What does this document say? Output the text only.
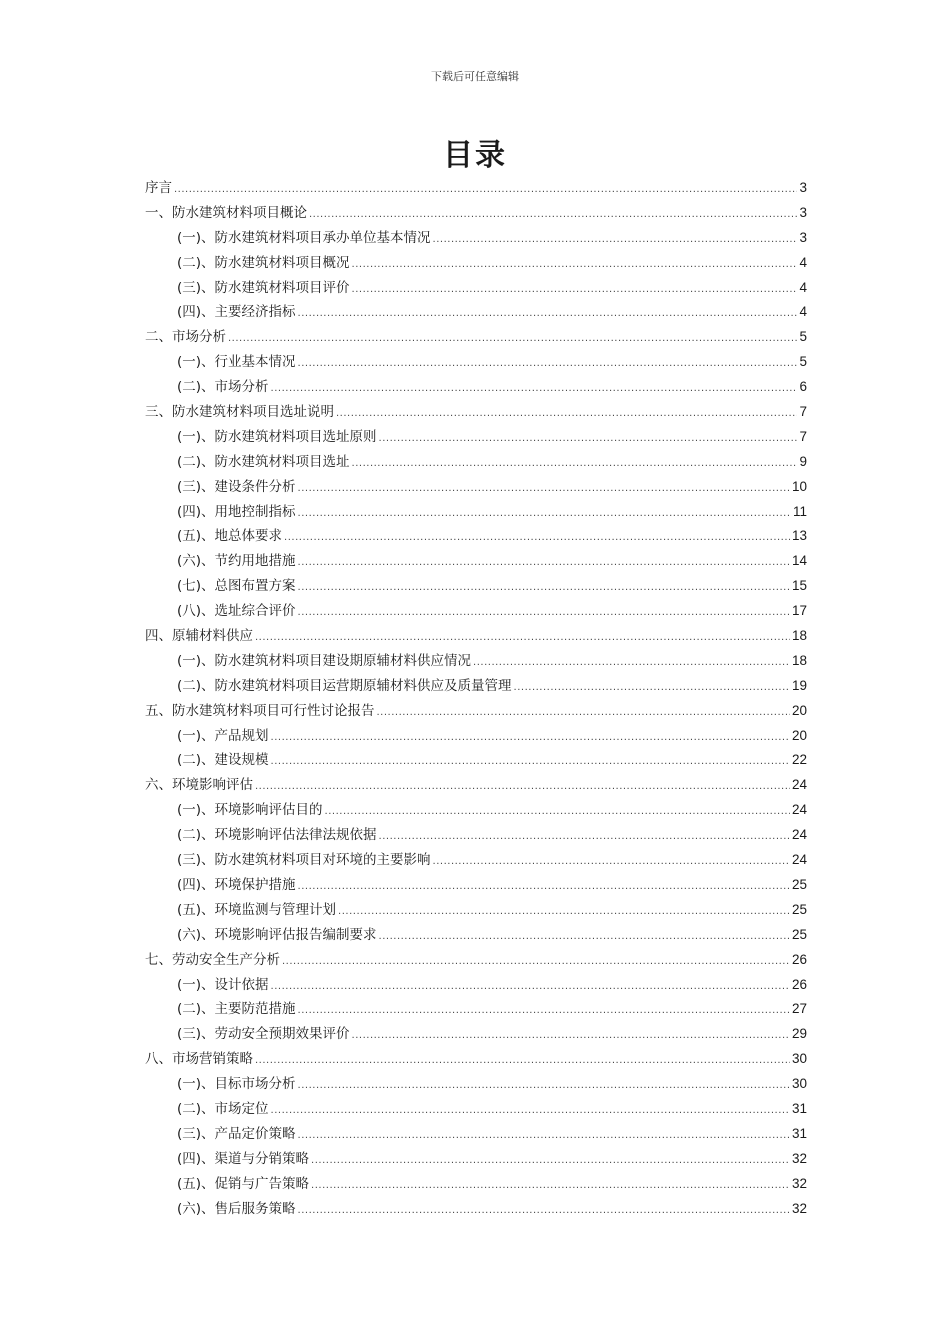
下载后可任意编辑
目录
序言 .....	3
一、防水建筑材料项目概论 .....	3
(一)、防水建筑材料项目承办单位基本情况 .....	3
(二)、防水建筑材料项目概况 .....	4
(三)、防水建筑材料项目评价 .....	4
(四)、主要经济指标 .....	4
二、市场分析 .....	5
(一)、行业基本情况 .....	5
(二)、市场分析 .....	6
三、防水建筑材料项目选址说明 .....	7
(一)、防水建筑材料项目选址原则 .....	7
(二)、防水建筑材料项目选址 .....	9
(三)、建设条件分析 .....	10
(四)、用地控制指标 .....	11
(五)、地总体要求 .....	13
(六)、节约用地措施 .....	14
(七)、总图布置方案 .....	15
(八)、选址综合评价 .....	17
四、原辅材料供应 .....	18
(一)、防水建筑材料项目建设期原辅材料供应情况 .....	18
(二)、防水建筑材料项目运营期原辅材料供应及质量管理 .....	19
五、防水建筑材料项目可行性讨论报告 .....	20
(一)、产品规划 .....	20
(二)、建设规模 .....	22
六、环境影响评估 .....	24
(一)、环境影响评估目的 .....	24
(二)、环境影响评估法律法规依据 .....	24
(三)、防水建筑材料项目对环境的主要影响 .....	24
(四)、环境保护措施 .....	25
(五)、环境监测与管理计划 .....	25
(六)、环境影响评估报告编制要求 .....	25
七、劳动安全生产分析 .....	26
(一)、设计依据 .....	26
(二)、主要防范措施 .....	27
(三)、劳动安全预期效果评价 .....	29
八、市场营销策略 .....	30
(一)、目标市场分析 .....	30
(二)、市场定位 .....	31
(三)、产品定价策略 .....	31
(四)、渠道与分销策略 .....	32
(五)、促销与广告策略 .....	32
(六)、售后服务策略 .....	32
